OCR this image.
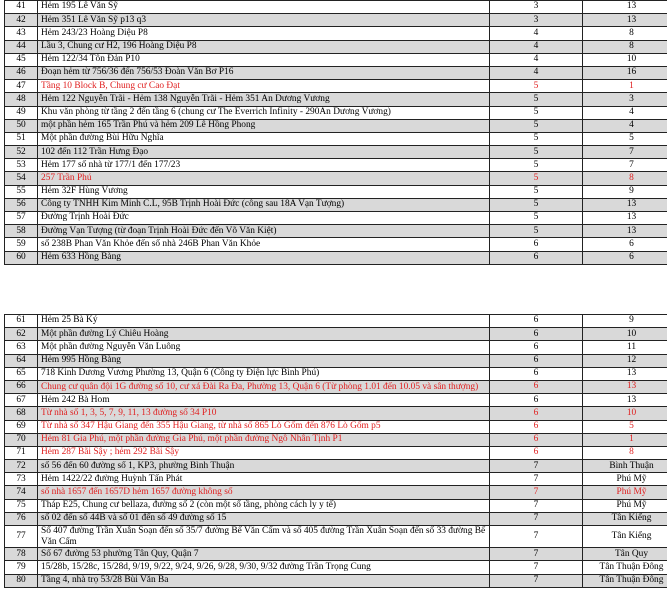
41	Hẻm 195 Lê Văn Sỹ	3	13
42	Hẻm 351 Lê Văn Sỹ p13 q3	3	13
43	Hẻm 243/23 Hoàng Diệu P8	4	8
44	Lầu 3, Chung cư H2, 196 Hoàng Diệu P8	4	8
45	Hẻm 122/34 Tôn Đản P10	4	10
46	Đoạn hẻm từ 756/36 đến 756/53 Đoàn Văn Bơ P16	4	16
47	Tầng 10 Block B, Chung cư Cao Đạt	5	1
48	Hẻm 122 Nguyễn Trãi - Hẻm 138 Nguyễn Trãi - Hẻm 351 An Dương Vương	5	3
49	Khu văn phòng từ tầng 2 đến tầng 6 (chung cư The Everrich Infinity - 290An Dương Vương)	5	4
50	một phần hẻm 165 Trần Phú và hẻm 209 Lê Hồng Phong	5	4
51	Một phần đường Bùi Hữu Nghĩa	5	5
52	102 đến 112 Trần Hưng Đạo	5	7
53	Hẻm 177 số nhà từ 177/1 đến 177/23	5	7
54	257 Trần Phú	5	8
55	Hẻm 32F Hùng Vương	5	9
56	Công ty TNHH Kim Minh C.L, 95B Trịnh Hoài Đức (công sau 18A Vạn Tượng)	5	13
57	Đường Trịnh Hoài Đức	5	13
58	Đường Vạn Tượng (từ đoạn Trịnh Hoài Đức đến Võ Văn Kiệt)	5	13
59	số 238B Phan Văn Khỏe đến số nhà 246B Phan Văn Khỏe	6	6
60	Hẻm 633 Hồng Bàng	6	6
61	Hẻm 25 Bà Ký	6	9
62	Một phần đường Lý Chiêu Hoàng	6	10
63	Một phần đường Nguyễn Văn Luông	6	11
64	Hẻm 995 Hồng Bàng	6	12
65	718 Kinh Dương Vương Phường 13, Quận 6 (Công ty Điện lực Bình Phú)	6	13
66	Chung cư quân đội 1G đường số 10, cư xá Đài Ra Đa, Phường 13, Quận 6 (Từ phòng 1.01 đến 10.05 và sân thượng)	6	13
67	Hẻm 242 Bà Hom	6	13
68	Từ nhà số 1, 3, 5, 7, 9, 11, 13 đường số 34 P10	6	10
69	Từ nhà số 347 Hậu Giang đến 355 Hậu Giang, từ nhà số 865 Lò Gốm đến 876 Lò Gốm p5	6	5
70	Hẻm 81 Gia Phú, một phần đường Gia Phú, một phần đường Ngô Nhân Tịnh P1	6	1
71	Hẻm 287 Bãi Sậy ; hẻm 292 Bãi Sậy	6	8
72	số 56 đến 60 đường số 1, KP3, phường Bình Thuận	7	Bình Thuận
73	Hẻm 1422/22 đường Huỳnh Tấn Phát	7	Phú Mỹ
74	số nhà 1657 đến 1657D hẻm 1657 đường không số	7	Phú Mỹ
75	Tháp E25, Chung cư bellaza, đường số 2 (còn một số tầng, phòng cách ly y tế)	7	Phú Mỹ
76	số 02 đến số 44B và số 01 đến số 49 đường số 15	7	Tân Kiểng
77	Số 407 đường Trần Xuân Soạn đến số 35/7 đường Bế Văn Cấm và số 405 đường Trần Xuân Soạn đến số 33 đường Bế Văn Cấm	7	Tân Kiểng
78	Số 67 đường 53 phường Tân Quy, Quận 7	7	Tân Quy
79	15/28b, 15/28c, 15/28d, 9/19, 9/22, 9/24, 9/26, 9/28, 9/30, 9/32 đường Trần Trọng Cung	7	Tân Thuận Đông
80	Tầng 4, nhà trọ 53/28 Bùi Văn Ba	7	Tân Thuận Đông
